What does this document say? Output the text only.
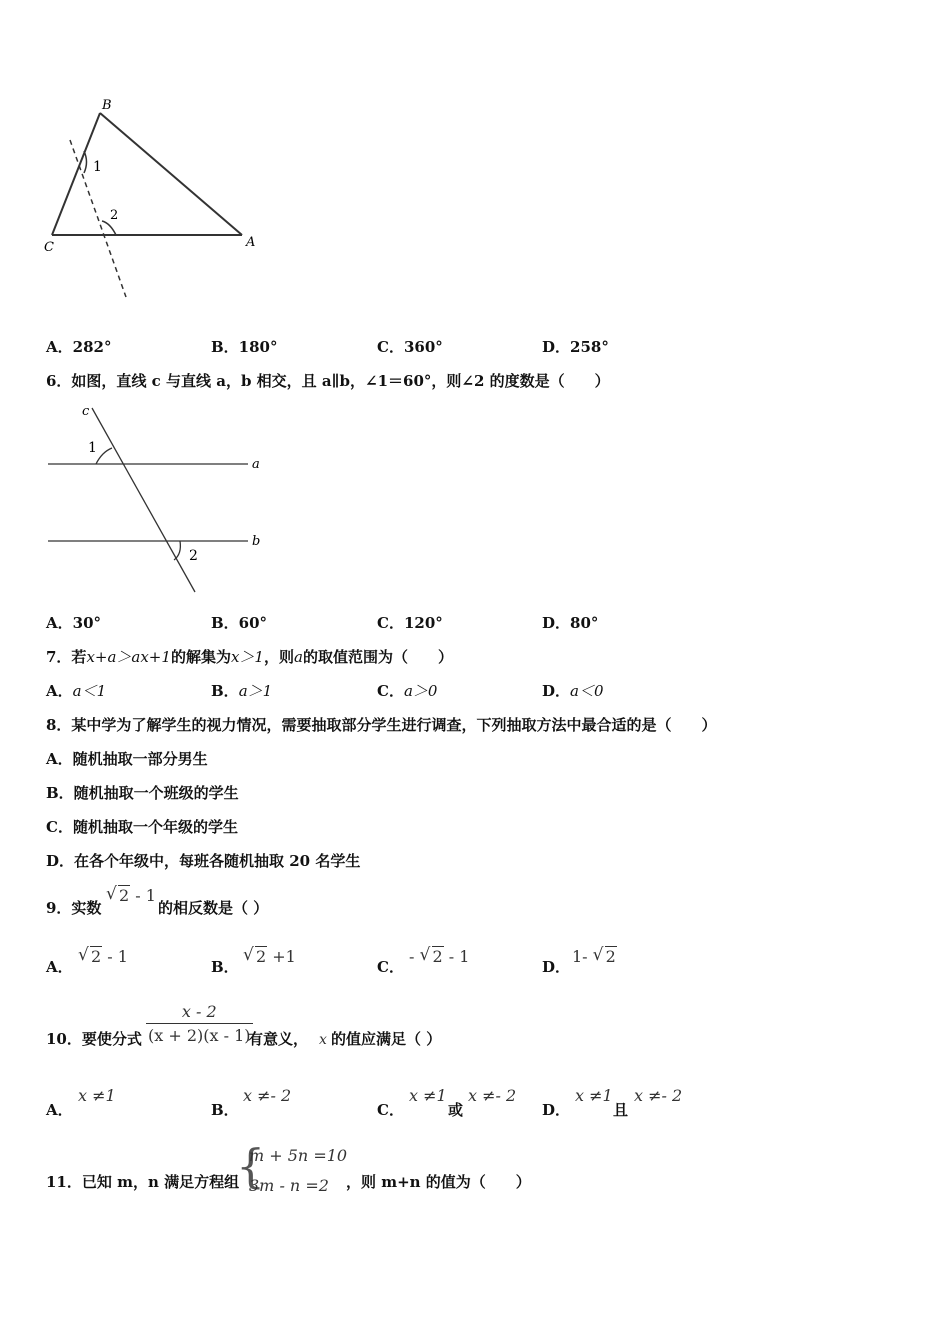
B
1
2
C	A
A．282°	B．180°	C．360°	D．258°
6．如图，直线 c 与直线 a，b 相交，且 a∥b，∠1＝60°，则∠2 的度数是（　　）
c
1
a
b
2
A．30°	B．60°	C．120°	D．80°
7．若x+a＞ax+1的解集为x＞1，则a的取值范围为（　　）
A．a＜1	B．a＞1	C．a＞0	D．a＜0
8．某中学为了解学生的视力情况，需要抽取部分学生进行调查，下列抽取方法中最合适的是（　　）
A．随机抽取一部分男生
B．随机抽取一个班级的学生
C．随机抽取一个年级的学生
D．在各个年级中，每班各随机抽取 20 名学生
9．实数
√ 2 - 1
的相反数是（ ）
A．
√ 2 - 1
B．
√ 2 +1
C．
- √ 2 - 1
D．
1- √ 2
10．要使分式 $\frac{x - 2}{(x + 2)(x - 1)}$
有意义， x 的值应满足（ ）
A．
x ≠1
B．
x ≠- 2
C．
x ≠1
或
x ≠- 2
D．
x ≠1
且
x ≠- 2
11．已知 m，n 满足方程组
{
m + 5n =10
3m - n =2 ，则 m+n 的值为（　　）
